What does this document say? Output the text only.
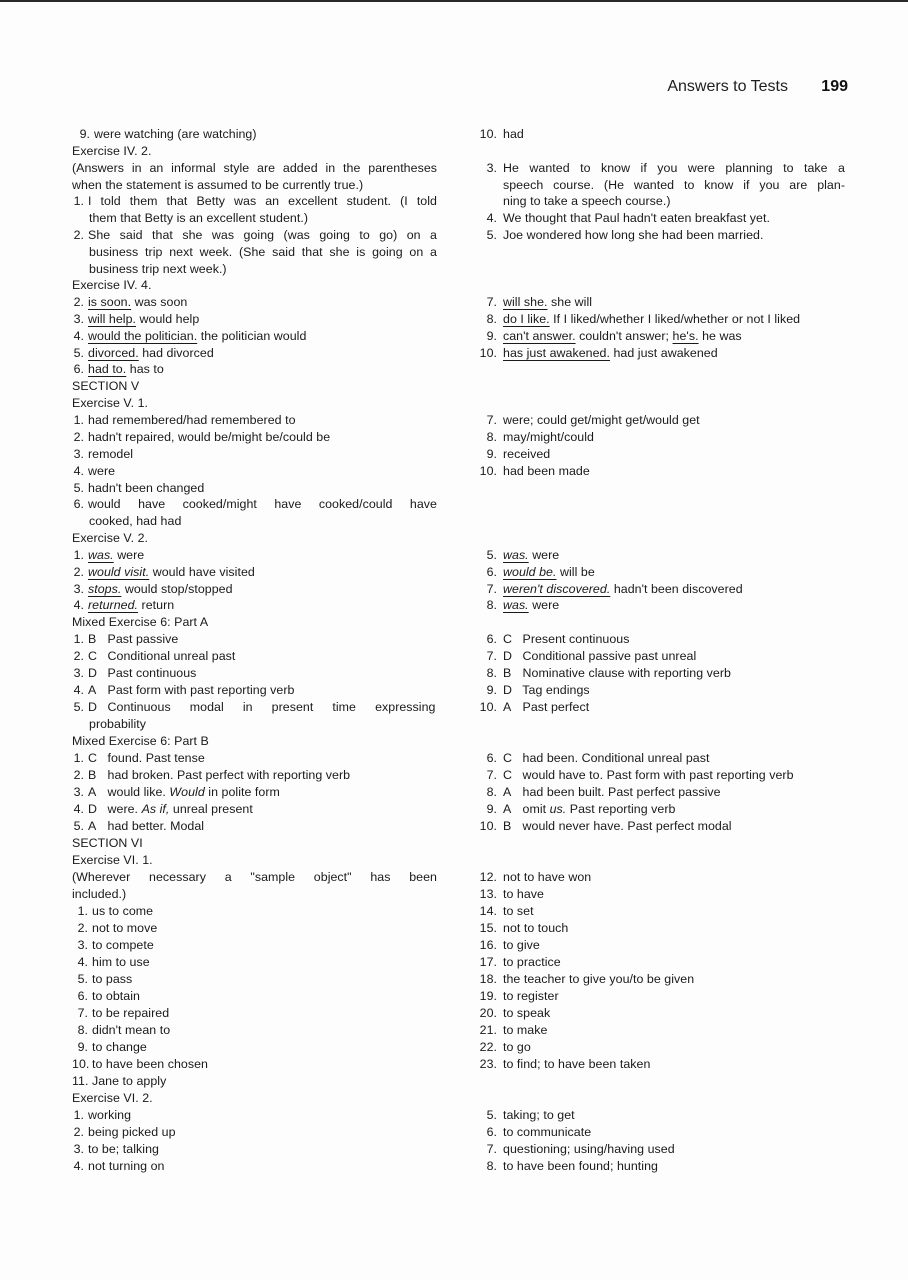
Answers to Tests 199
9. were watching (are watching)
Exercise IV. 2.
(Answers in an informal style are added in the parentheses
when the statement is assumed to be currently true.)
1. I told them that Betty was an excellent student. (I told
them that Betty is an excellent student.)
2. She said that she was going (was going to go) on a
business trip next week. (She said that she is going on a
business trip next week.)
Exercise IV. 4.
2. is soon. was soon
3. will help. would help
4. would the politician. the politician would
5. divorced. had divorced
6. had to. has to
SECTION V
Exercise V. 1.
1. had remembered/had remembered to
2. hadn't repaired, would be/might be/could be
3. remodel
4. were
5. hadn't been changed
6. would have cooked/might have cooked/could have
cooked, had had
Exercise V. 2.
1. was. were
2. would visit. would have visited
3. stops. would stop/stopped
4. returned. return
Mixed Exercise 6: Part A
1. B Past passive
2. C Conditional unreal past
3. D Past continuous
4. A Past form with past reporting verb
5. D Continuous modal in present time expressing
probability
Mixed Exercise 6: Part B
1. C found. Past tense
2. B had broken. Past perfect with reporting verb
3. A would like. Would in polite form
4. D were. As if, unreal present
5. A had better. Modal
SECTION VI
Exercise VI. 1.
(Wherever necessary a "sample object" has been
included.)
1. us to come
2. not to move
3. to compete
4. him to use
5. to pass
6. to obtain
7. to be repaired
8. didn't mean to
9. to change
10. to have been chosen
11. Jane to apply
Exercise VI. 2.
1. working
2. being picked up
3. to be; talking
4. not turning on
10. had
3. He wanted to know if you were planning to take a
speech course. (He wanted to know if you are plan-
ning to take a speech course.)
4. We thought that Paul hadn't eaten breakfast yet.
5. Joe wondered how long she had been married.
7. will she. she will
8. do I like. If I liked/whether I liked/whether or not I liked
9. can't answer. couldn't answer; he's. he was
10. has just awakened. had just awakened
7. were; could get/might get/would get
8. may/might/could
9. received
10. had been made
5. was. were
6. would be. will be
7. weren't discovered. hadn't been discovered
8. was. were
6. C Present continuous
7. D Conditional passive past unreal
8. B Nominative clause with reporting verb
9. D Tag endings
10. A Past perfect
6. C had been. Conditional unreal past
7. C would have to. Past form with past reporting verb
8. A had been built. Past perfect passive
9. A omit us. Past reporting verb
10. B would never have. Past perfect modal
12. not to have won
13. to have
14. to set
15. not to touch
16. to give
17. to practice
18. the teacher to give you/to be given
19. to register
20. to speak
21. to make
22. to go
23. to find; to have been taken
5. taking; to get
6. to communicate
7. questioning; using/having used
8. to have been found; hunting
